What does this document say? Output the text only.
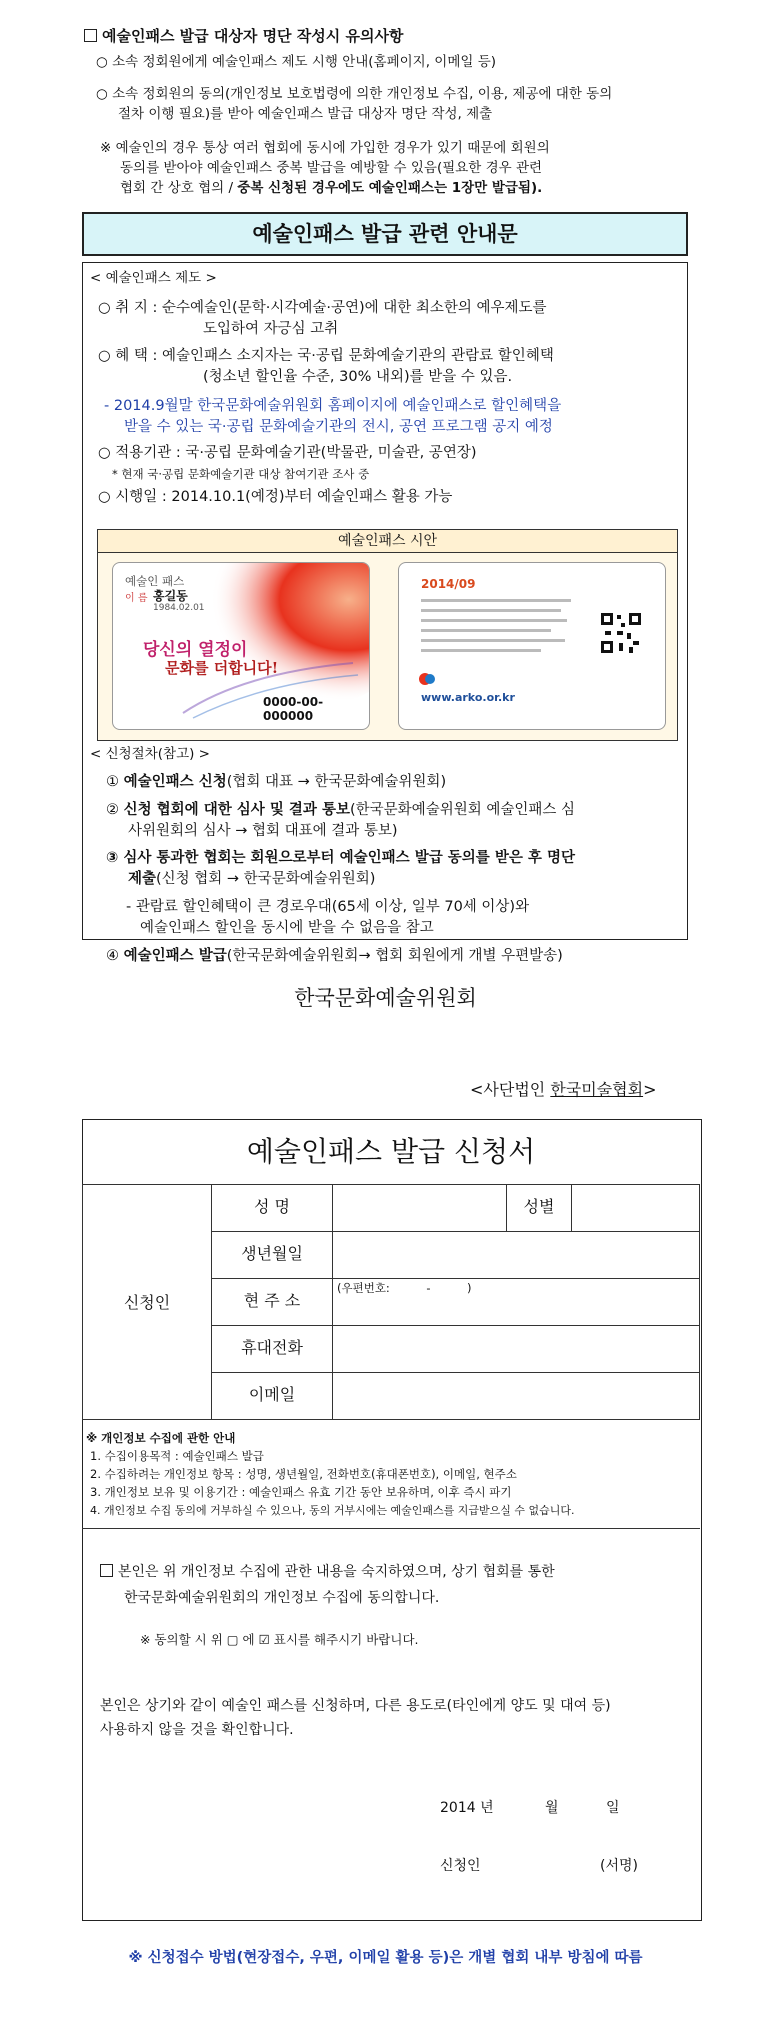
예술인패스 발급 대상자 명단 작성시 유의사항
○ 소속 정회원에게 예술인패스 제도 시행 안내(홈페이지, 이메일 등)
○ 소속 정회원의 동의(개인정보 보호법령에 의한 개인정보 수집, 이용, 제공에 대한 동의
절차 이행 필요)를 받아 예술인패스 발급 대상자 명단 작성, 제출
※ 예술인의 경우 통상 여러 협회에 동시에 가입한 경우가 있기 때문에 회원의
동의를 받아야 예술인패스 중복 발급을 예방할 수 있음(필요한 경우 관련
협회 간 상호 협의 / 중복 신청된 경우에도 예술인패스는 1장만 발급됨).
예술인패스 발급 관련 안내문
< 예술인패스 제도 >
○ 취 지 : 순수예술인(문학·시각예술·공연)에 대한 최소한의 예우제도를
도입하여 자긍심 고취
○ 혜 택 : 예술인패스 소지자는 국·공립 문화예술기관의 관람료 할인혜택
(청소년 할인율 수준, 30% 내외)를 받을 수 있음.
- 2014.9월말 한국문화예술위원회 홈페이지에 예술인패스로 할인혜택을
받을 수 있는 국·공립 문화예술기관의 전시, 공연 프로그램 공지 예정
○ 적용기관 : 국·공립 문화예술기관(박물관, 미술관, 공연장)
* 현재 국·공립 문화예술기관 대상 참여기관 조사 중
○ 시행일 : 2014.10.1(예정)부터 예술인패스 활용 가능
예술인패스 시안
예술인 패스
이 름 홍길동
1984.02.01
당신의 열정이
문화를 더합니다!
0000-00-000000
2014/09
www.arko.or.kr
< 신청절차(참고) >
① 예술인패스 신청(협회 대표 → 한국문화예술위원회)
② 신청 협회에 대한 심사 및 결과 통보(한국문화예술위원회 예술인패스 심
사위원회의 심사 → 협회 대표에 결과 통보)
③ 심사 통과한 협회는 회원으로부터 예술인패스 발급 동의를 받은 후 명단
제출(신청 협회 → 한국문화예술위원회)
- 관람료 할인혜택이 큰 경로우대(65세 이상, 일부 70세 이상)와
예술인패스 할인을 동시에 받을 수 없음을 참고
④ 예술인패스 발급(한국문화예술위원회→ 협회 회원에게 개별 우편발송)
한국문화예술위원회
<사단법인 한국미술협회>
예술인패스 발급 신청서
신청인
성 명	성별
생년월일
현 주 소
(우편번호:          -          )
휴대전화
이메일
※ 개인정보 수집에 관한 안내
1. 수집이용목적 : 예술인패스 발급
2. 수집하려는 개인정보 항목 : 성명, 생년월일, 전화번호(휴대폰번호), 이메일, 현주소
3. 개인정보 보유 및 이용기간 : 예술인패스 유효 기간 동안 보유하며, 이후 즉시 파기
4. 개인정보 수집 동의에 거부하실 수 있으나, 동의 거부시에는 예술인패스를 지급받으실 수 없습니다.
본인은 위 개인정보 수집에 관한 내용을 숙지하였으며, 상기 협회를 통한
한국문화예술위원회의 개인정보 수집에 동의합니다.
※ 동의할 시 위 ▢ 에 ☑ 표시를 해주시기 바랍니다.
본인은 상기와 같이 예술인 패스를 신청하며, 다른 용도로(타인에게 양도 및 대여 등)
사용하지 않을 것을 확인합니다.
2014 년	월	일
신청인	(서명)
※ 신청접수 방법(현장접수, 우편, 이메일 활용 등)은 개별 협회 내부 방침에 따름
